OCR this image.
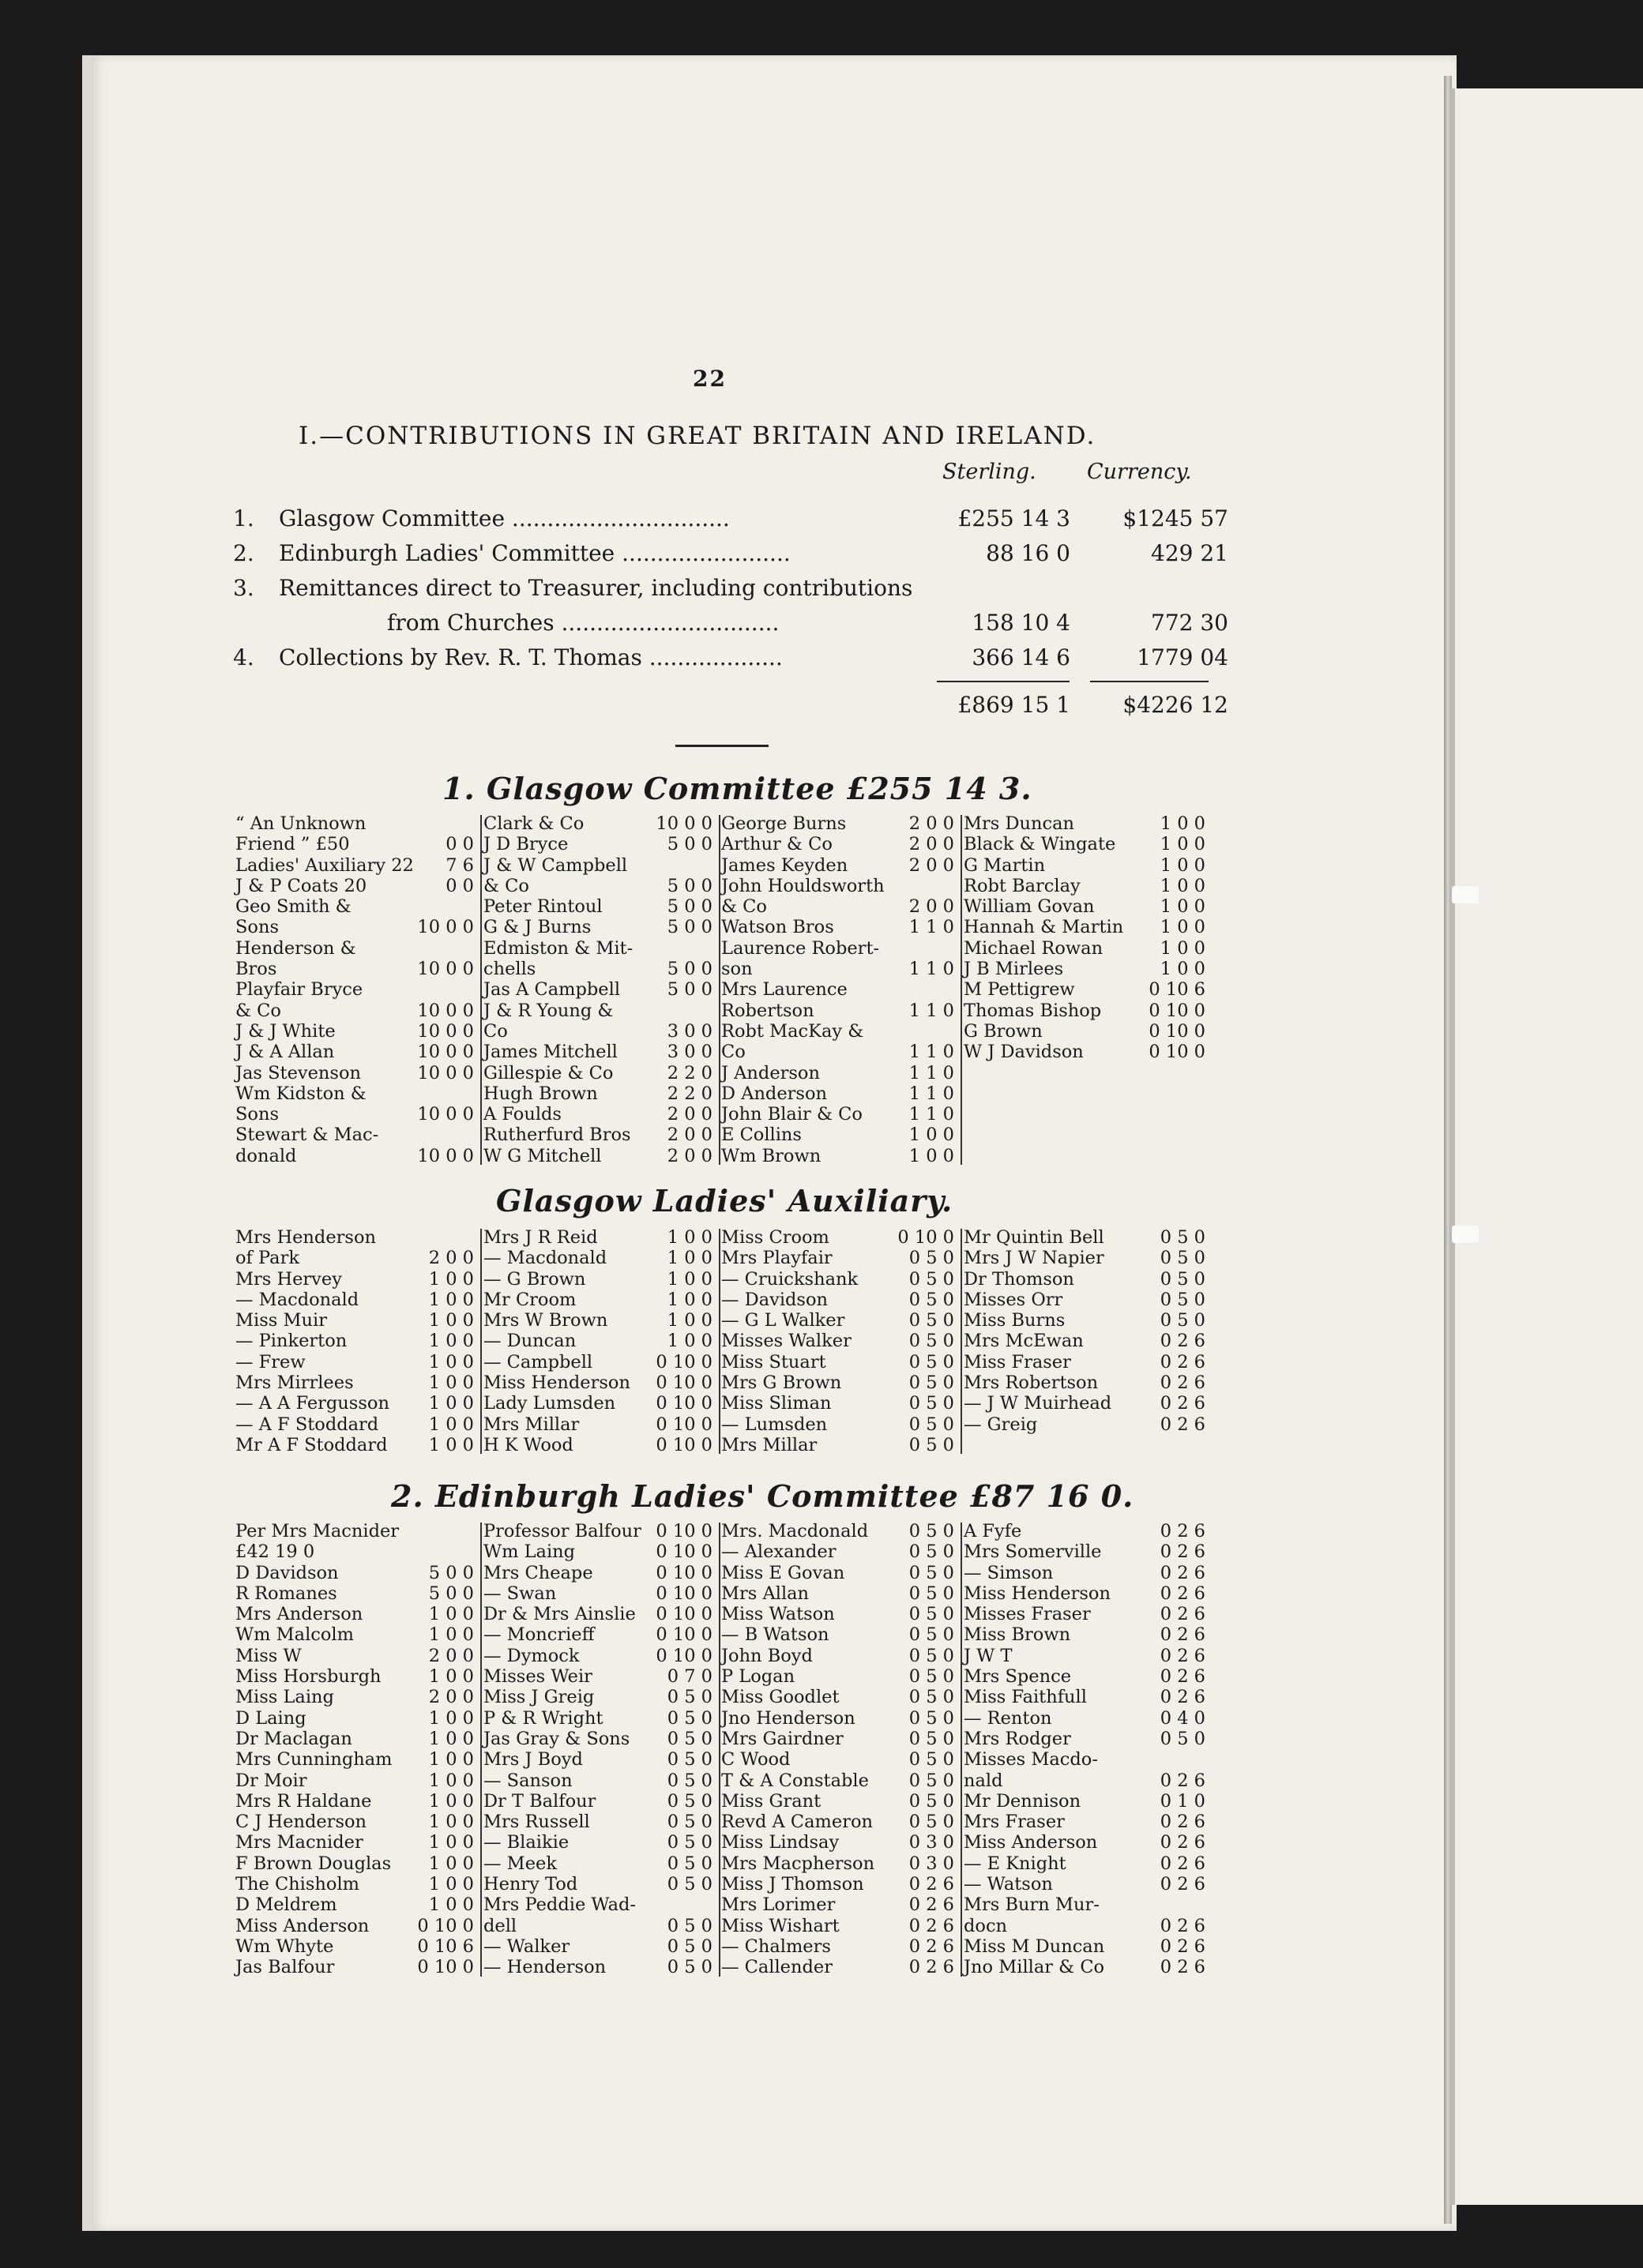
22
I.—CONTRIBUTIONS IN GREAT BRITAIN AND IRELAND.
Sterling. Currency.
1. Glasgow Committee ...............................	£255 14 3	$1245 57
2. Edinburgh Ladies' Committee ........................	88 16 0	429 21
3. Remittances direct to Treasurer, including contributions
from Churches ...............................	158 10 4	772 30
4. Collections by Rev. R. T. Thomas ...................	366 14 6	1779 04
£869 15 1	$4226 12
1. Glasgow Committee £255 14 3.
“ An Unknown
Friend ” £50	0 0
Ladies' Auxiliary 22 7 6
J & P Coats 20	0 0
Geo Smith &
Sons	10 0 0
Henderson &
Bros	10 0 0
Playfair Bryce
& Co	10 0 0
J & J White	10 0 0
J & A Allan	10 0 0
Jas Stevenson	10 0 0
Wm Kidston &
Sons	10 0 0
Stewart & Mac-
donald	10 0 0
Clark & Co	10 0 0
J D Bryce	5 0 0
J & W Campbell
& Co	5 0 0
Peter Rintoul	5 0 0
G & J Burns	5 0 0
Edmiston & Mit-
chells	5 0 0
Jas A Campbell	5 0 0
J & R Young &
Co	3 0 0
James Mitchell	3 0 0
Gillespie & Co	2 2 0
Hugh Brown	2 2 0
A Foulds	2 0 0
Rutherfurd Bros 2 0 0
W G Mitchell	2 0 0
George Burns	2 0 0
Arthur & Co	2 0 0
James Keyden	2 0 0
John Houldsworth
& Co	2 0 0
Watson Bros	1 1 0
Laurence Robert-
son	1 1 0
Mrs Laurence
Robertson	1 1 0
Robt MacKay &
Co	1 1 0
J Anderson	1 1 0
D Anderson	1 1 0
John Blair & Co	1 1 0
E Collins	1 0 0
Wm Brown	1 0 0
Mrs Duncan	1 0 0
Black & Wingate	1 0 0
G Martin	1 0 0
Robt Barclay	1 0 0
William Govan	1 0 0
Hannah & Martin 1 0 0
Michael Rowan	1 0 0
J B Mirlees	1 0 0
M Pettigrew	0 10 6
Thomas Bishop	0 10 0
G Brown	0 10 0
W J Davidson	0 10 0
Glasgow Ladies' Auxiliary.
Mrs Henderson
of Park	2 0 0
Mrs Hervey	1 0 0
— Macdonald	1 0 0
Miss Muir	1 0 0
— Pinkerton	1 0 0
— Frew	1 0 0
Mrs Mirrlees	1 0 0
— A A Fergusson 1 0 0
— A F Stoddard	1 0 0
Mr A F Stoddard 1 0 0
Mrs J R Reid	1 0 0
— Macdonald	1 0 0
— G Brown	1 0 0
Mr Croom	1 0 0
Mrs W Brown	1 0 0
— Duncan	1 0 0
— Campbell	0 10 0
Miss Henderson 0 10 0
Lady Lumsden 0 10 0
Mrs Millar	0 10 0
H K Wood	0 10 0
Miss Croom	0 10 0
Mrs Playfair	0 5 0
— Cruickshank	0 5 0
— Davidson	0 5 0
— G L Walker	0 5 0
Misses Walker	0 5 0
Miss Stuart	0 5 0
Mrs G Brown	0 5 0
Miss Sliman	0 5 0
— Lumsden	0 5 0
Mrs Millar	0 5 0
Mr Quintin Bell	0 5 0
Mrs J W Napier	0 5 0
Dr Thomson	0 5 0
Misses Orr	0 5 0
Miss Burns	0 5 0
Mrs McEwan	0 2 6
Miss Fraser	0 2 6
Mrs Robertson	0 2 6
— J W Muirhead	0 2 6
— Greig	0 2 6
2. Edinburgh Ladies' Committee £87 16 0.
Per Mrs Macnider
£42 19 0
D Davidson	5 0 0
R Romanes	5 0 0
Mrs Anderson	1 0 0
Wm Malcolm	1 0 0
Miss W	2 0 0
Miss Horsburgh	1 0 0
Miss Laing	2 0 0
D Laing	1 0 0
Dr Maclagan	1 0 0
Mrs Cunningham 1 0 0
Dr Moir	1 0 0
Mrs R Haldane	1 0 0
C J Henderson	1 0 0
Mrs Macnider	1 0 0
F Brown Douglas 1 0 0
The Chisholm	1 0 0
D Meldrem	1 0 0
Miss Anderson	0 10 0
Wm Whyte	0 10 6
Jas Balfour	0 10 0
Professor Balfour 0 10 0
Wm Laing	0 10 0
Mrs Cheape	0 10 0
— Swan	0 10 0
Dr & Mrs Ainslie 0 10 0
— Moncrieff	0 10 0
— Dymock	0 10 0
Misses Weir	0 7 0
Miss J Greig	0 5 0
P & R Wright	0 5 0
Jas Gray & Sons 0 5 0
Mrs J Boyd	0 5 0
— Sanson	0 5 0
Dr T Balfour	0 5 0
Mrs Russell	0 5 0
— Blaikie	0 5 0
— Meek	0 5 0
Henry Tod	0 5 0
Mrs Peddie Wad-
dell	0 5 0
— Walker	0 5 0
— Henderson	0 5 0
Mrs. Macdonald 0 5 0
— Alexander	0 5 0
Miss E Govan	0 5 0
Mrs Allan	0 5 0
Miss Watson	0 5 0
— B Watson	0 5 0
John Boyd	0 5 0
P Logan	0 5 0
Miss Goodlet	0 5 0
Jno Henderson	0 5 0
Mrs Gairdner	0 5 0
C Wood	0 5 0
T & A Constable 0 5 0
Miss Grant	0 5 0
Revd A Cameron 0 5 0
Miss Lindsay	0 3 0
Mrs Macpherson 0 3 0
Miss J Thomson	0 2 6
Mrs Lorimer	0 2 6
Miss Wishart	0 2 6
— Chalmers	0 2 6
— Callender	0 2 6
A Fyfe	0 2 6
Mrs Somerville	0 2 6
— Simson	0 2 6
Miss Henderson	0 2 6
Misses Fraser	0 2 6
Miss Brown	0 2 6
J W T	0 2 6
Mrs Spence	0 2 6
Miss Faithfull	0 2 6
— Renton	0 4 0
Mrs Rodger	0 5 0
Misses Macdo-
nald	0 2 6
Mr Dennison	0 1 0
Mrs Fraser	0 2 6
Miss Anderson	0 2 6
— E Knight	0 2 6
— Watson	0 2 6
Mrs Burn Mur-
docn	0 2 6
Miss M Duncan	0 2 6
Jno Millar & Co	0 2 6
